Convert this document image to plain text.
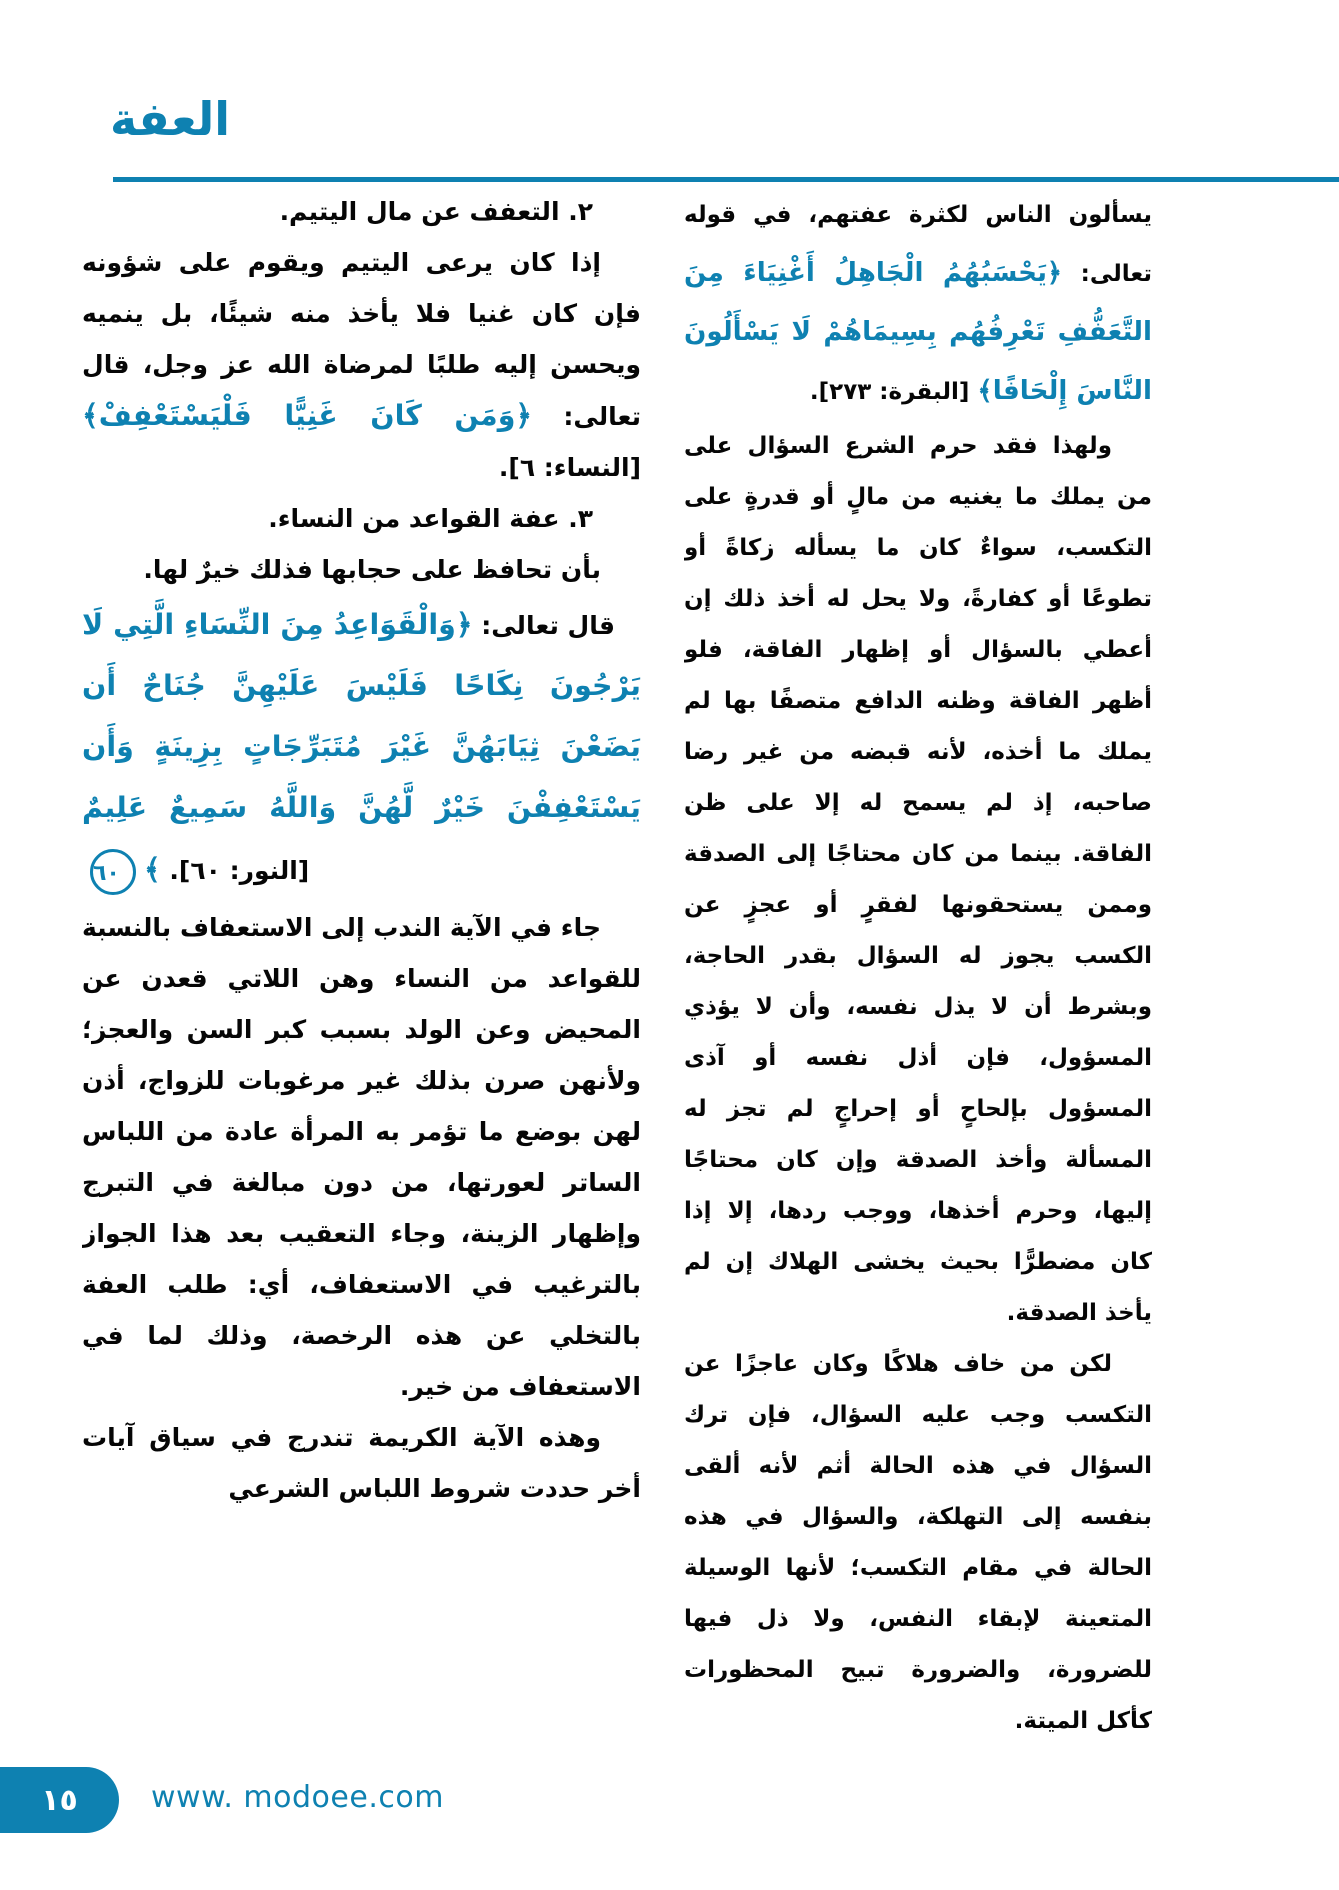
العفة

يسألون الناس لكثرة عفتهم، في قوله تعالى: ﴿يَحْسَبُهُمُ الْجَاهِلُ أَغْنِيَاءَ مِنَ التَّعَفُّفِ تَعْرِفُهُم بِسِيمَاهُمْ لَا يَسْأَلُونَ النَّاسَ إِلْحَافًا﴾ [البقرة: ٢٧٣].

ولهذا فقد حرم الشرع السؤال على من يملك ما يغنيه من مالٍ أو قدرةٍ على التكسب، سواءٌ كان ما يسأله زكاةً أو تطوعًا أو كفارةً، ولا يحل له أخذ ذلك إن أعطي بالسؤال أو إظهار الفاقة، فلو أظهر الفاقة وظنه الدافع متصفًا بها لم يملك ما أخذه، لأنه قبضه من غير رضا صاحبه، إذ لم يسمح له إلا على ظن الفاقة. بينما من كان محتاجًا إلى الصدقة وممن يستحقونها لفقرٍ أو عجزٍ عن الكسب يجوز له السؤال بقدر الحاجة، وبشرط أن لا يذل نفسه، وأن لا يؤذي المسؤول، فإن أذل نفسه أو آذى المسؤول بإلحاحٍ أو إحراجٍ لم تجز له المسألة وأخذ الصدقة وإن كان محتاجًا إليها، وحرم أخذها، ووجب ردها، إلا إذا كان مضطرًّا بحيث يخشى الهلاك إن لم يأخذ الصدقة.

لكن من خاف هلاكًا وكان عاجزًا عن التكسب وجب عليه السؤال، فإن ترك السؤال في هذه الحالة أثم لأنه ألقى بنفسه إلى التهلكة، والسؤال في هذه الحالة في مقام التكسب؛ لأنها الوسيلة المتعينة لإبقاء النفس، ولا ذل فيها للضرورة، والضرورة تبيح المحظورات كأكل الميتة.

٢. التعفف عن مال اليتيم.

إذا كان يرعى اليتيم ويقوم على شؤونه فإن كان غنيا فلا يأخذ منه شيئًا، بل ينميه ويحسن إليه طلبًا لمرضاة الله عز وجل، قال تعالى: ﴿وَمَن كَانَ غَنِيًّا فَلْيَسْتَعْفِفْ﴾ [النساء: ٦].

٣. عفة القواعد من النساء.

بأن تحافظ على حجابها فذلك خيرٌ لها.

قال تعالى: ﴿وَالْقَوَاعِدُ مِنَ النِّسَاءِ الَّتِي لَا يَرْجُونَ نِكَاحًا فَلَيْسَ عَلَيْهِنَّ جُنَاحٌ أَن يَضَعْنَ ثِيَابَهُنَّ غَيْرَ مُتَبَرِّجَاتٍ بِزِينَةٍ وَأَن يَسْتَعْفِفْنَ خَيْرٌ لَّهُنَّ وَاللَّهُ سَمِيعٌ عَلِيمٌ

[النور: ٦٠]. ﴾٦٠

جاء في الآية الندب إلى الاستعفاف بالنسبة للقواعد من النساء وهن اللاتي قعدن عن المحيض وعن الولد بسبب كبر السن والعجز؛ ولأنهن صرن بذلك غير مرغوبات للزواج، أذن لهن بوضع ما تؤمر به المرأة عادة من اللباس الساتر لعورتها، من دون مبالغة في التبرج وإظهار الزينة، وجاء التعقيب بعد هذا الجواز بالترغيب في الاستعفاف، أي: طلب العفة بالتخلي عن هذه الرخصة، وذلك لما في الاستعفاف من خير.

وهذه الآية الكريمة تندرج في سياق آيات أخر حددت شروط اللباس الشرعي

١٥ www. modoee.com
